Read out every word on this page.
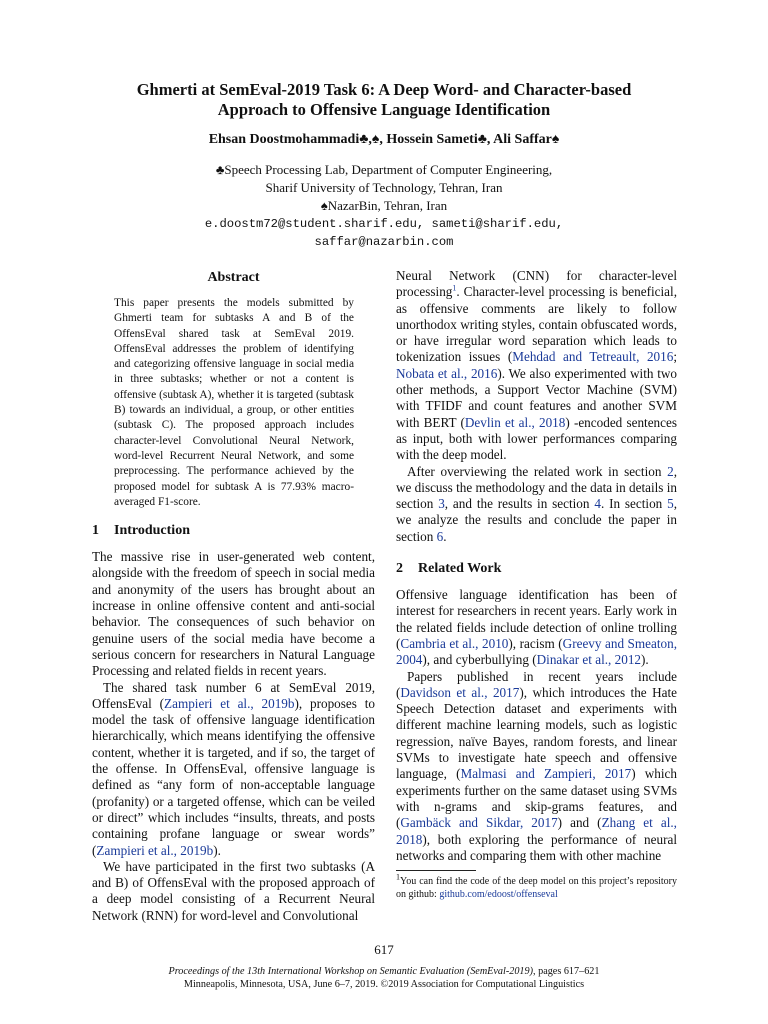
Ghmerti at SemEval-2019 Task 6: A Deep Word- and Character-based
Approach to Offensive Language Identification
Ehsan Doostmohammadi♣,♠, Hossein Sameti♣, Ali Saffar♠
♣Speech Processing Lab, Department of Computer Engineering,
Sharif University of Technology, Tehran, Iran
♠NazarBin, Tehran, Iran
e.doostm72@student.sharif.edu, sameti@sharif.edu,
saffar@nazarbin.com
Abstract

This paper presents the models submitted by Ghmerti team for subtasks A and B of the OffensEval shared task at SemEval 2019. OffensEval addresses the problem of identifying and categorizing offensive language in social media in three subtasks; whether or not a content is offensive (subtask A), whether it is targeted (subtask B) towards an individual, a group, or other entities (subtask C). The proposed approach includes character-level Convolutional Neural Network, word-level Recurrent Neural Network, and some preprocessing. The performance achieved by the proposed model for subtask A is 77.93% macro-averaged F1-score.

1 Introduction

The massive rise in user-generated web content, alongside with the freedom of speech in social media and anonymity of the users has brought about an increase in online offensive content and anti-social behavior. The consequences of such behavior on genuine users of the social media have become a serious concern for researchers in Natural Language Processing and related fields in recent years.

The shared task number 6 at SemEval 2019, OffensEval (Zampieri et al., 2019b), proposes to model the task of offensive language identification hierarchically, which means identifying the offensive content, whether it is targeted, and if so, the target of the offense. In OffensEval, offensive language is defined as “any form of non-acceptable language (profanity) or a targeted offense, which can be veiled or direct” which includes “insults, threats, and posts containing profane language or swear words” (Zampieri et al., 2019b).

We have participated in the first two subtasks (A and B) of OffensEval with the proposed approach of a deep model consisting of a Recurrent Neural Network (RNN) for word-level and Convolutional

Neural Network (CNN) for character-level processing$^1$. Character-level processing is beneficial, as offensive comments are likely to follow unorthodox writing styles, contain obfuscated words, or have irregular word separation which leads to tokenization issues (Mehdad and Tetreault, 2016; Nobata et al., 2016). We also experimented with two other methods, a Support Vector Machine (SVM) with TFIDF and count features and another SVM with BERT (Devlin et al., 2018) -encoded sentences as input, both with lower performances comparing with the deep model.

After overviewing the related work in section 2, we discuss the methodology and the data in details in section 3, and the results in section 4. In section 5, we analyze the results and conclude the paper in section 6.

2 Related Work

Offensive language identification has been of interest for researchers in recent years. Early work in the related fields include detection of online trolling (Cambria et al., 2010), racism (Greevy and Smeaton, 2004), and cyberbullying (Dinakar et al., 2012).

Papers published in recent years include (Davidson et al., 2017), which introduces the Hate Speech Detection dataset and experiments with different machine learning models, such as logistic regression, naïve Bayes, random forests, and linear SVMs to investigate hate speech and offensive language, (Malmasi and Zampieri, 2017) which experiments further on the same dataset using SVMs with n-grams and skip-grams features, and (Gambäck and Sikdar, 2017) and (Zhang et al., 2018), both exploring the performance of neural networks and comparing them with other machine

$^1$You can find the code of the deep model on this project’s repository on github: github.com/edoost/offenseval
617
Proceedings of the 13th International Workshop on Semantic Evaluation (SemEval-2019), pages 617–621
Minneapolis, Minnesota, USA, June 6–7, 2019. ©2019 Association for Computational Linguistics
